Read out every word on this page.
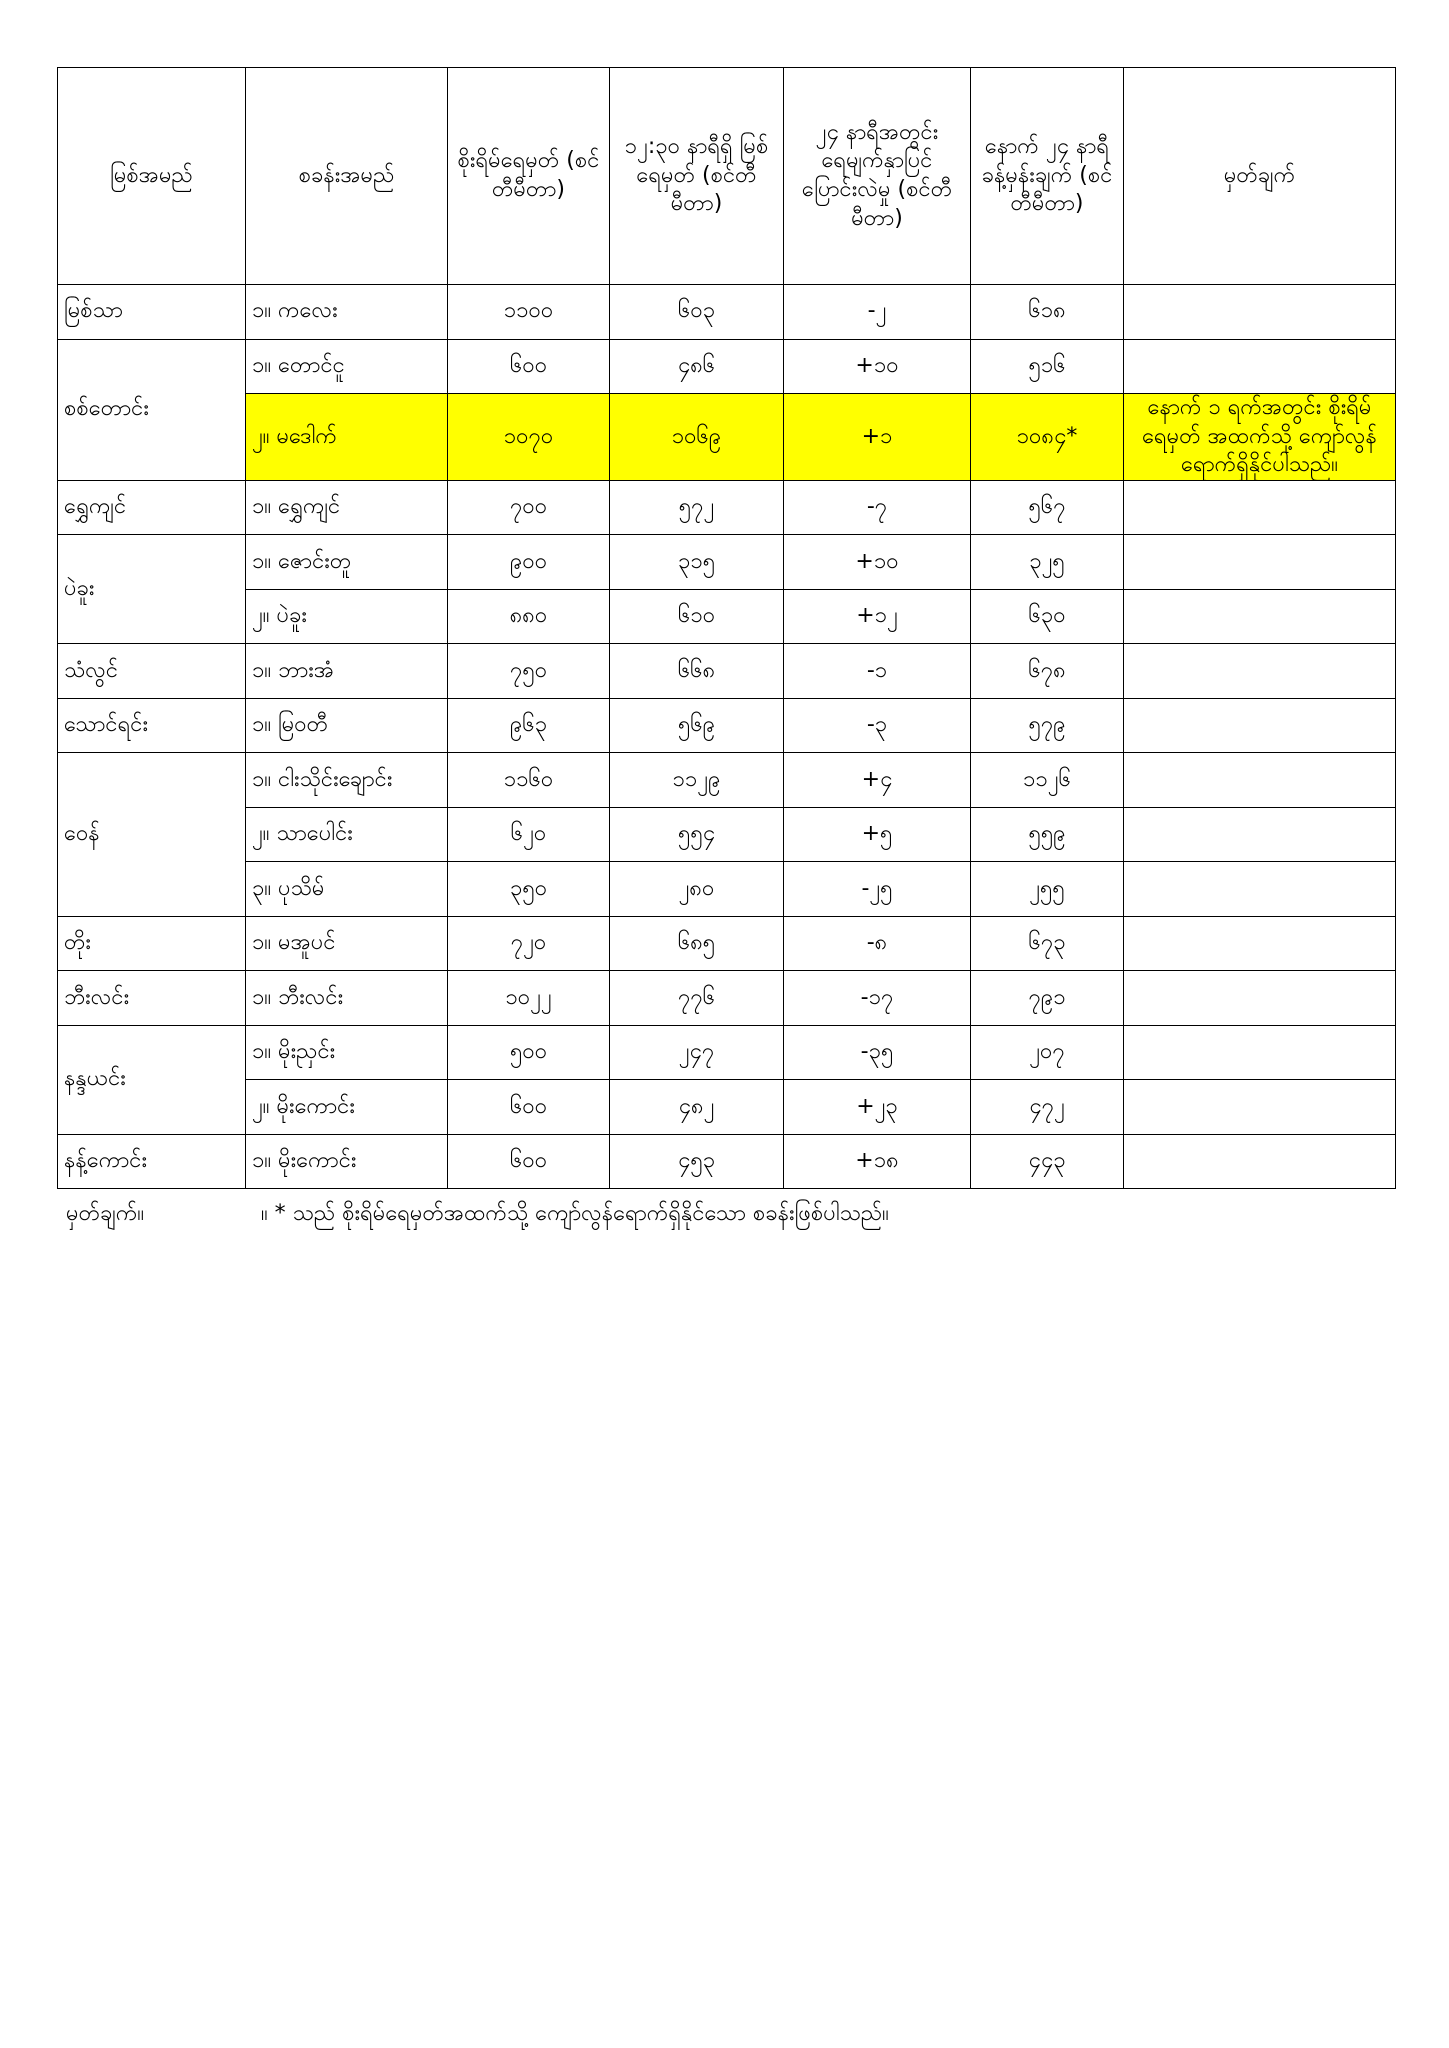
မြစ်အမည်	စခန်းအမည်	စိုးရိမ်ရေမှတ် (စင်တီမီတာ)	၁၂:၃၀ နာရီရှိ မြစ်ရေမှတ် (စင်တီမီတာ)	၂၄ နာရီအတွင်း ရေမျက်နှာပြင် ပြောင်းလဲမှု (စင်တီမီတာ)	နောက် ၂၄ နာရီ ခန့်မှန်းချက် (စင်တီမီတာ)	မှတ်ချက်
မြစ်သာ	၁။ ကလေး	၁၁၀၀	၆၀၃	-၂	၆၁၈	
စစ်တောင်း	၁။ တောင်ငူ	၆၀၀	၄၈၆	+၁၀	၅၁၆	
	၂။ မဒေါက်	၁၀၇၀	၁၀၆၉	+၁	၁၀၈၄*	နောက် ၁ ရက်အတွင်း စိုးရိမ်ရေမှတ် အထက်သို့ ကျော်လွန်ရောက်ရှိနိုင်ပါသည်။
ရွှေကျင်	၁။ ရွှေကျင်	၇၀၀	၅၇၂	-၇	၅၆၇	
ပဲခူး	၁။ ဇောင်းတူ	၉၀၀	၃၁၅	+၁၀	၃၂၅	
	၂။ ပဲခူး	၈၈၀	၆၁၀	+၁၂	၆၃၀	
သံလွင်	၁။ ဘားအံ	၇၅၀	၆၆၈	-၁	၆၇၈	
သောင်ရင်း	၁။ မြဝတီ	၉၆၃	၅၆၉	-၃	၅၇၉	
ဝေန်	၁။ ငါးသိုင်းချောင်း	၁၁၆၀	၁၁၂၉	+၄	၁၁၂၆	
	၂။ သာပေါင်း	၆၂၀	၅၅၄	+၅	၅၅၉	
	၃။ ပုသိမ်	၃၅၀	၂၈၀	-၂၅	၂၅၅	
တိုး	၁။ မအူပင်	၇၂၀	၆၈၅	-၈	၆၇၃	
ဘီးလင်း	၁။ ဘီးလင်း	၁၀၂၂	၇၇၆	-၁၇	၇၉၁	
နန္ဒယင်း	၁။ မိုးညှင်း	၅၀၀	၂၄၇	-၃၅	၂၀၇	
	၂။ မိုးကောင်း	၆၀၀	၄၈၂	+၂၃	၄၇၂	
နန့်ကောင်း	၁။ မိုးကောင်း	၆၀၀	၄၅၃	+၁၈	၄၄၃	
မှတ်ချက်။	။ * သည် စိုးရိမ်ရေမှတ်အထက်သို့ ကျော်လွန်ရောက်ရှိနိုင်သော စခန်းဖြစ်ပါသည်။
